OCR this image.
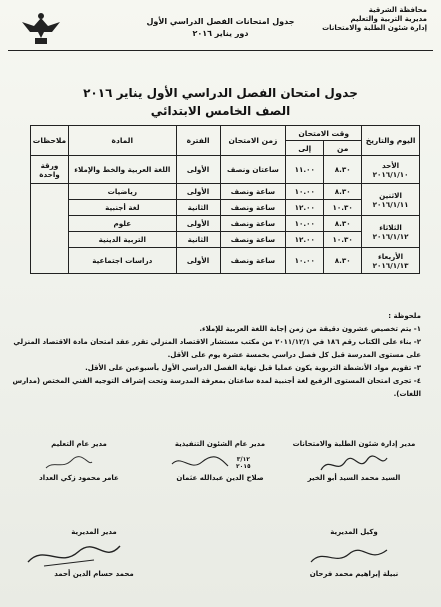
محافظة الشرقية
مديرية التربية والتعليم
إدارة شئون الطلبة والامتحانات
جدول امتحانات الفصل الدراسي الأول
دور يناير ٢٠١٦
جدول امتحان الفصل الدراسي الأول يناير ٢٠١٦
الصف الخامس الابتدائي
اليوم والتاريخ	وقت الامتحان		زمن الامتحان	الفترة	المادة	ملاحظات
	من	إلى				

الأحد
٢٠١٦/١/١٠	٨.٣٠	١١.٠٠	ساعتان ونصف	الأولى	اللغة العربية والخط والإملاء	ورقة واحدة

الاثنين
٢٠١٦/١/١١	٨.٣٠	١٠.٠٠	ساعة ونصف	الأولى	رياضيات	
	١٠.٣٠	١٢.٠٠	ساعة ونصف	الثانية	لغة أجنبية	

الثلاثاء
٢٠١٦/١/١٢	٨.٣٠	١٠.٠٠	ساعة ونصف	الأولى	علوم	
	١٠.٣٠	١٢.٠٠	ساعة ونصف	الثانية	التربية الدينية	

الأربعاء
٢٠١٦/١/١٣	٨.٣٠	١٠.٠٠	ساعة ونصف	الأولى	دراسات اجتماعية	

ملحوظة :

١- يتم تخصيص عشرون دقيقة من زمن إجابة اللغة العربية للإملاء.

٢- بناء على الكتاب رقم ١٨٦ في ٢٠١١/١٢/١ من مكتب مستشار الاقتصاد المنزلي تقرر عقد امتحان مادة الاقتصاد المنزلي على مستوى المدرسة قبل كل فصل دراسي بخمسة عشرة يوم على الأقل.

٣- تقويم مواد الأنشطة التربوية يكون عمليا قبل نهاية الفصل الدراسي الأول بأسبوعين على الأقل.

٤- تجرى امتحان المستوى الرفيع لغة أجنبية لمدة ساعتان بمعرفة المدرسة وتحت إشراف التوجيه الفني المختص (مدارس اللغات).

مدير إدارة شئون الطلبة والامتحانات
السيد محمد السيد أبو الخير
مدير عام الشئون التنفيذية
٣/١٢
٢٠١٥
صلاح الدين عبدالله عثمان
مدير عام التعليم
عامر محمود زكي العداد
وكيل المديرية
نبيلة إبراهيم محمد فرحان
مدير المديرية
محمد حسام الدين أحمد
